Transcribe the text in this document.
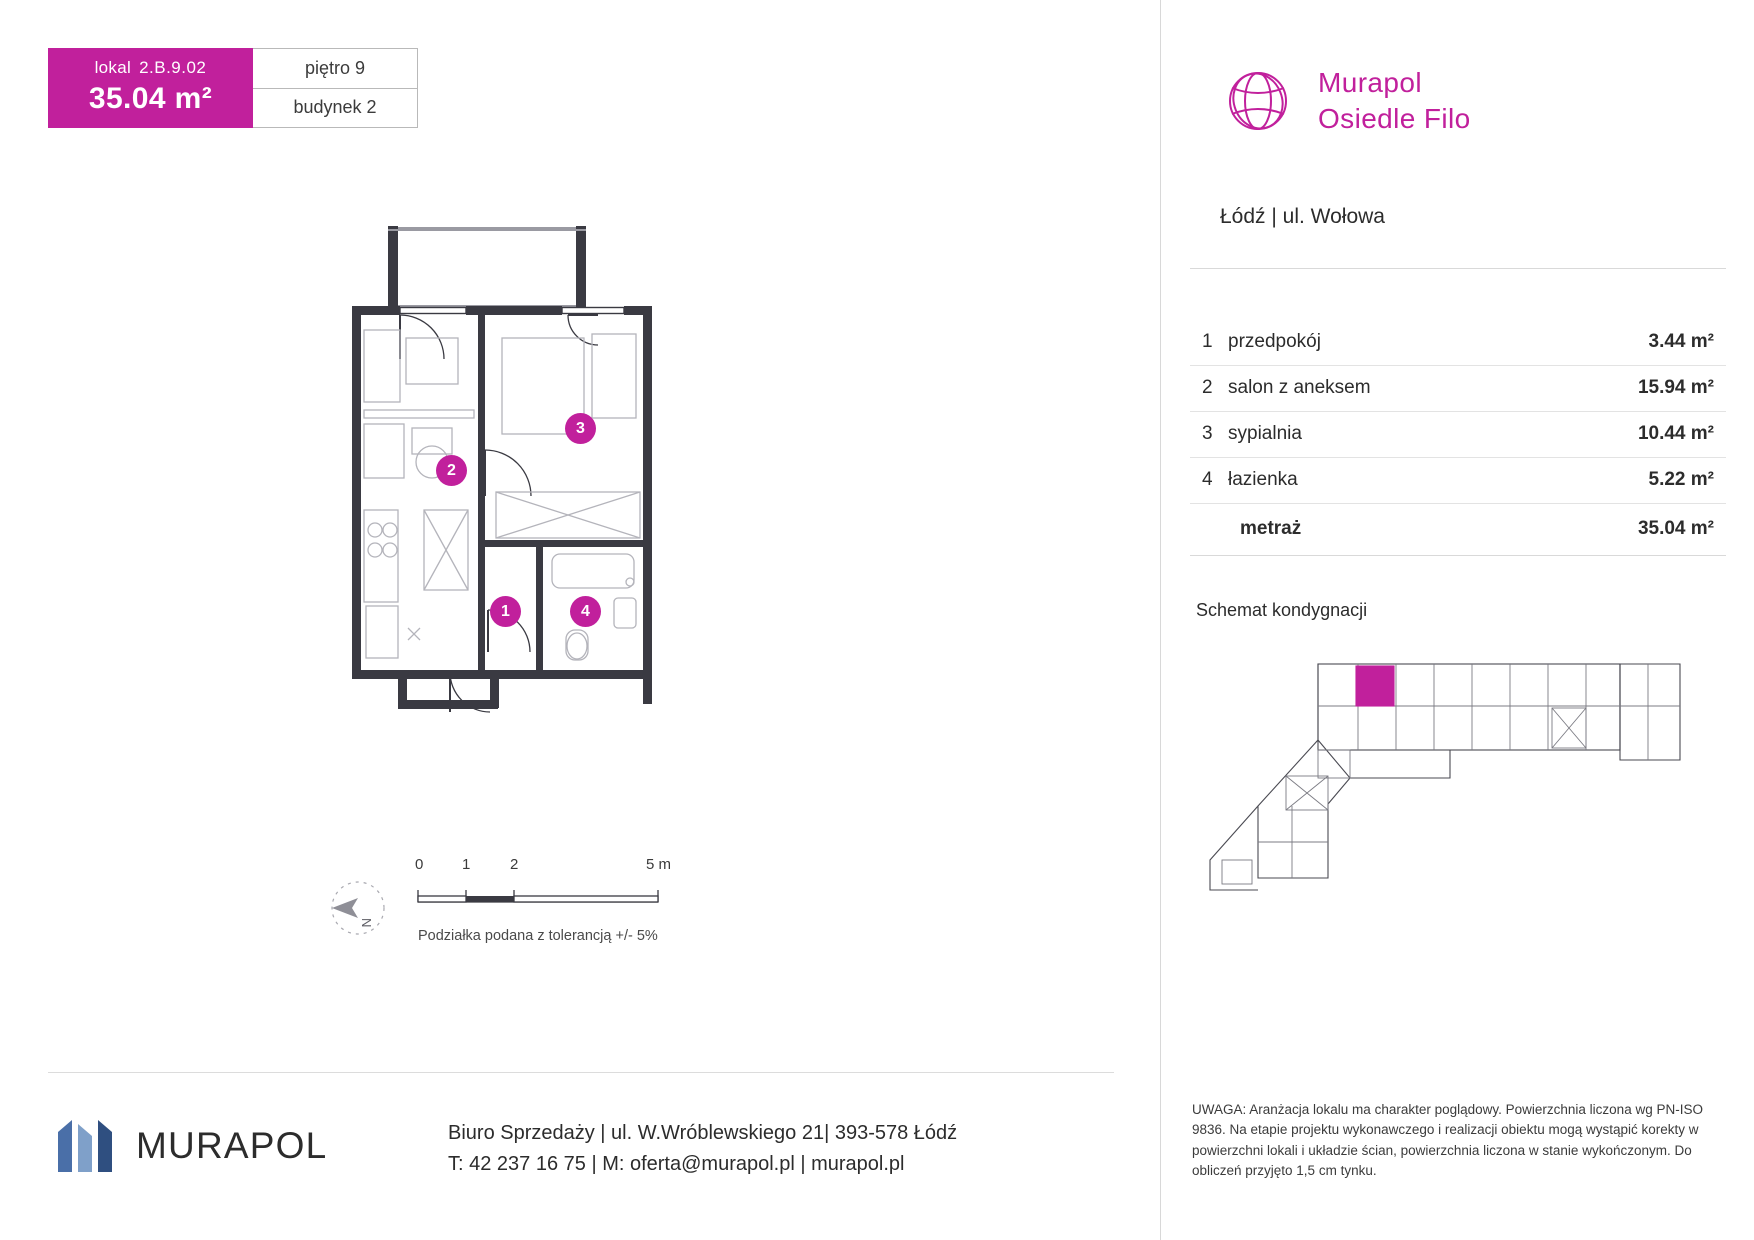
lokal 2.B.9.02
35.04 m²
piętro 9
budynek 2
2
3
1	4
N
0	1	2	5 m
Podziałka podana z tolerancją +/- 5%
MURAPOL	Biuro Sprzedaży | ul. W.Wróblewskiego 21| 393-578 Łódź
T: 42 237 16 75 | M: oferta@murapol.pl | murapol.pl
Murapol
Osiedle Filo
Łódź | ul. Wołowa
1	przedpokój	3.44 m²
2	salon z aneksem	15.94 m²
3	sypialnia	10.44 m²
4	łazienka	5.22 m²
	metraż	35.04 m²
Schemat kondygnacji
UWAGA: Aranżacja lokalu ma charakter poglądowy. Powierzchnia liczona wg PN-ISO 9836. Na etapie projektu wykonawczego i realizacji obiektu mogą wystąpić korekty w powierzchni lokali i układzie ścian, powierzchnia liczona w stanie wykończonym. Do obliczeń przyjęto 1,5 cm tynku.
